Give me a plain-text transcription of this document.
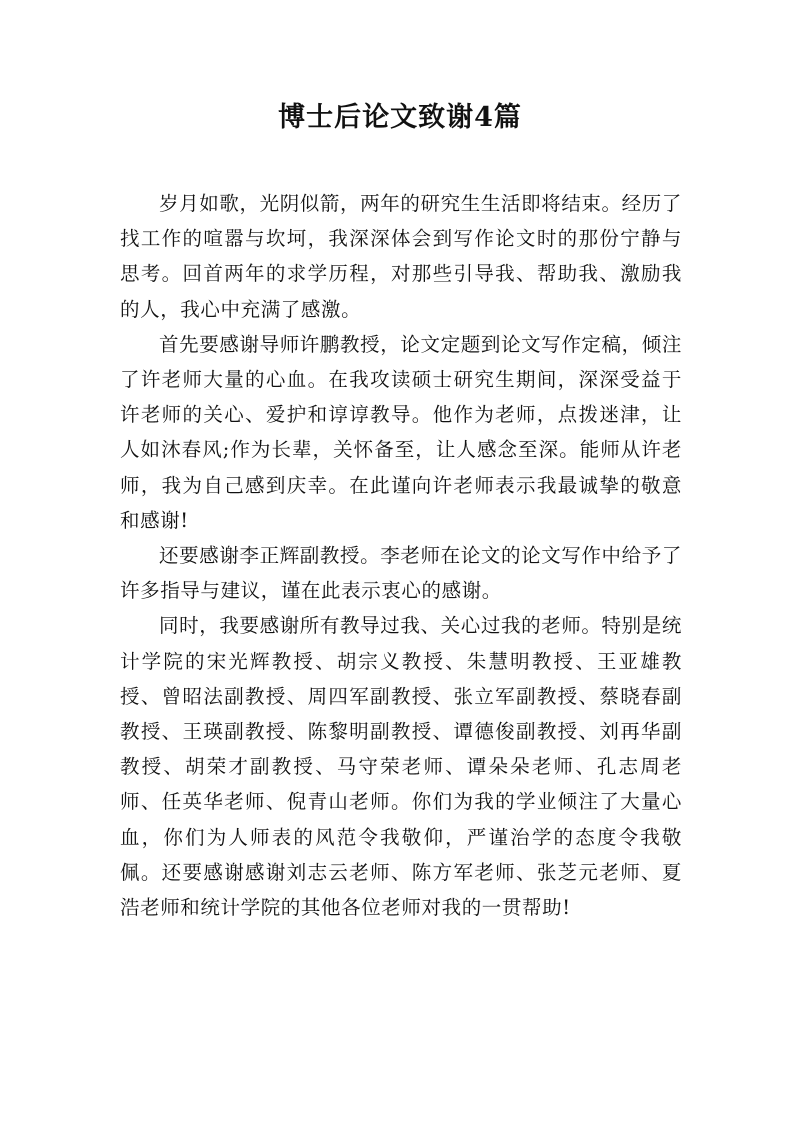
博士后论文致谢4篇

岁月如歌，光阴似箭，两年的研究生生活即将结束。经历了找工作的喧嚣与坎坷，我深深体会到写作论文时的那份宁静与思考。回首两年的求学历程，对那些引导我、帮助我、激励我的人，我心中充满了感激。

首先要感谢导师许鹏教授，论文定题到论文写作定稿，倾注了许老师大量的心血。在我攻读硕士研究生期间，深深受益于许老师的关心、爱护和谆谆教导。他作为老师，点拨迷津，让人如沐春风;作为长辈，关怀备至，让人感念至深。能师从许老师，我为自己感到庆幸。在此谨向许老师表示我最诚挚的敬意和感谢!

还要感谢李正辉副教授。李老师在论文的论文写作中给予了许多指导与建议，谨在此表示衷心的感谢。

同时，我要感谢所有教导过我、关心过我的老师。特别是统计学院的宋光辉教授、胡宗义教授、朱慧明教授、王亚雄教授、曾昭法副教授、周四军副教授、张立军副教授、蔡晓春副教授、王瑛副教授、陈黎明副教授、谭德俊副教授、刘再华副教授、胡荣才副教授、马守荣老师、谭朵朵老师、孔志周老师、任英华老师、倪青山老师。你们为我的学业倾注了大量心血，你们为人师表的风范令我敬仰，严谨治学的态度令我敬佩。还要感谢感谢刘志云老师、陈方军老师、张芝元老师、夏浩老师和统计学院的其他各位老师对我的一贯帮助!
